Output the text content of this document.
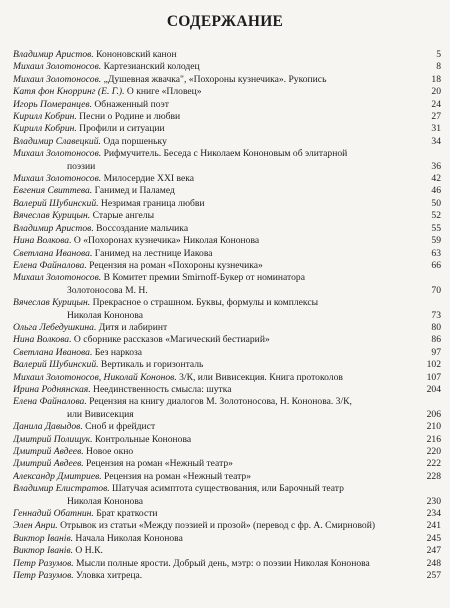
СОДЕРЖАНИЕ
Владимир Аристов. Кононовский канон	5
Михаил Золотоносов. Картезианский колодец	8
Михаил Золотоносов. „Душевная жвачка", «Похороны кузнечика». Рукопись	18
Катя фон Кнорринг (Е. Г.). О книге «Пловец»	20
Игорь Померанцев. Обнаженный поэт	24
Кирилл Кобрин. Песни о Родине и любви	27
Кирилл Кобрин. Профили и ситуации	31
Владимир Славецкий. Ода поршеньку	34
Михаил Золотоносов. Рифмучитель. Беседа с Николаем Кононовым об элитарной
поэзии	36
Михаил Золотоносов. Милосердие XXI века	42
Евгения Свиттева. Ганимед и Паламед	46
Валерий Шубинский. Незримая граница любви	50
Вячеслав Курицын. Старые ангелы	52
Владимир Аристов. Воссоздание мальчика	55
Нина Волкова. О «Похоронах кузнечика» Николая Кононова	59
Светлана Иванова. Ганимед на лестнице Иакова	63
Елена Файналова. Рецензия на роман «Похороны кузнечика»	66
Михаил Золотоносов. В Комитет премии Smirnoff-Букер от номинатора
Золотоносова М. Н.	70
Вячеслав Курицын. Прекрасное о страшном. Буквы, формулы и комплексы
Николая Кононова	73
Ольга Лебедушкина. Дитя и лабиринт	80
Нина Волкова. О сборнике рассказов «Магический бестиарий»	86
Светлана Иванова. Без наркоза	97
Валерий Шубинский. Вертикаль и горизонталь	102
Михаил Золотоносов, Николай Кононов. 3/К, или Вивисекция. Книга протоколов	107
Ирина Роднянская. Неединственность смысла: шутка	204
Елена Файналова. Рецензия на книгу диалогов М. Золотоносова, Н. Кононова. 3/К,
или Вивисекция	206
Данила Давыдов. Сноб и фрейдист	210
Дмитрий Полищук. Контрольные Кононова	216
Дмитрий Авдеев. Новое окно	220
Дмитрий Авдеев. Рецензия на роман «Нежный театр»	222
Александр Дмитриев. Рецензия на роман «Нежный театр»	228
Владимир Елистратов. Шатучая асимптота существования, или Барочный театр
Николая Кононова	230
Геннадий Обатнин. Брат краткости	234
Элен Анри. Отрывок из статьи «Между поэзией и прозой» (перевод с фр. А. Смирновой)	241
Виктор Іванів. Начала Николая Кононова	245
Виктор Іванів. О Н.К.	247
Петр Разумов. Мысли полные ярости. Добрый день, мэтр: о поэзии Николая Кононова	248
Петр Разумов. Уловка хитреца.	257
